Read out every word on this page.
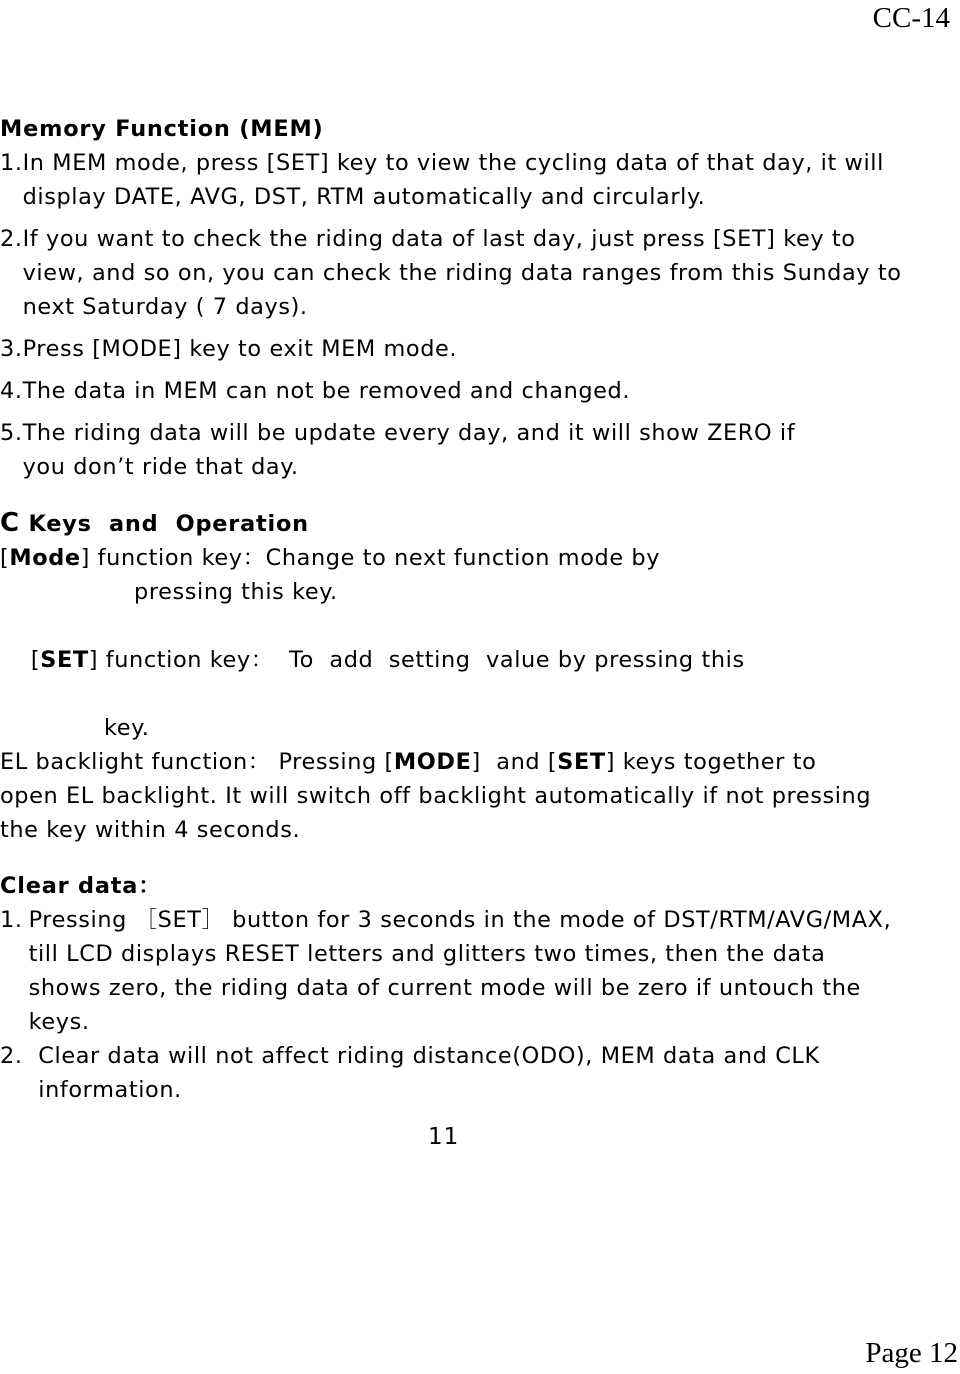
CC-14
Memory Function (MEM)
1. In MEM mode, press [SET] key to view the cycling data of that day, it will display DATE, AVG, DST, RTM automatically and circularly.
2. If you want to check the riding data of last day, just press [SET] key to view, and so on, you can check the riding data ranges from this Sunday to next Saturday ( 7 days).
3. Press [MODE] key to exit MEM mode.
4. The data in MEM can not be removed and changed.
5. The riding data will be update every day, and it will show ZERO if you don’t ride that day.
C Keys  and  Operation
[Mode] function key：Change to next function mode by
pressing this key.

[SET] function key：  To  add  setting  value by pressing this

key.
EL backlight function： Pressing [MODE]  and [SET] keys together to open EL backlight. It will switch off backlight automatically if not pressing the key within 4 seconds.
Clear data：
1. Pressing ［SET］ button for 3 seconds in the mode of DST/RTM/AVG/MAX, till LCD displays RESET letters and glitters two times, then the data shows zero, the riding data of current mode will be zero if untouch the keys.
2. Clear data will not affect riding distance(ODO), MEM data and CLK information.
11
Page 12
